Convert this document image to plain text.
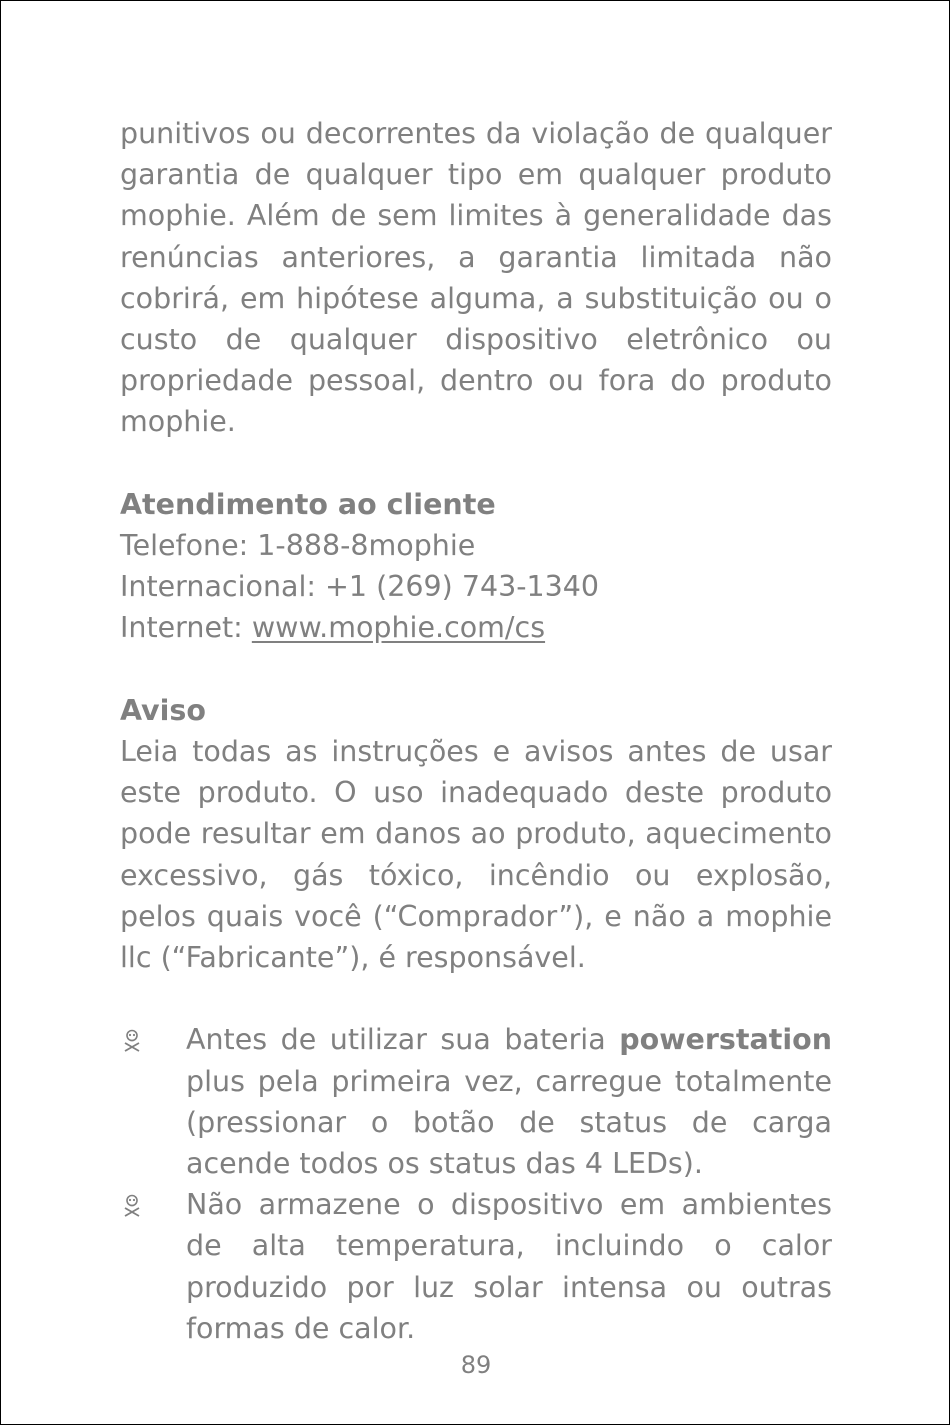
punitivos ou decorrentes da violação de qualquer garantia de qualquer tipo em qualquer produto mophie. Além de sem limites à generalidade das renúncias anteriores, a garantia limitada não cobrirá, em hipótese alguma, a substituição ou o custo de qualquer dispositivo eletrônico ou propriedade pessoal, dentro ou fora do produto mophie.

Atendimento ao cliente
Telefone: 1-888-8mophie
Internacional: +1 (269) 743-1340
Internet: www.mophie.com/cs
Aviso

Leia todas as instruções e avisos antes de usar este produto. O uso inadequado deste produto pode resultar em danos ao produto, aquecimento excessivo, gás tóxico, incêndio ou explosão, pelos quais você (“Comprador”), e não a mophie llc (“Fabricante”), é responsável.

Antes de utilizar sua bateria powerstation plus pela primeira vez, carregue totalmente (pressionar o botão de status de carga acende todos os status das 4 LEDs).
Não armazene o dispositivo em ambientes de alta temperatura, incluindo o calor produzido por luz solar intensa ou outras formas de calor.
89
